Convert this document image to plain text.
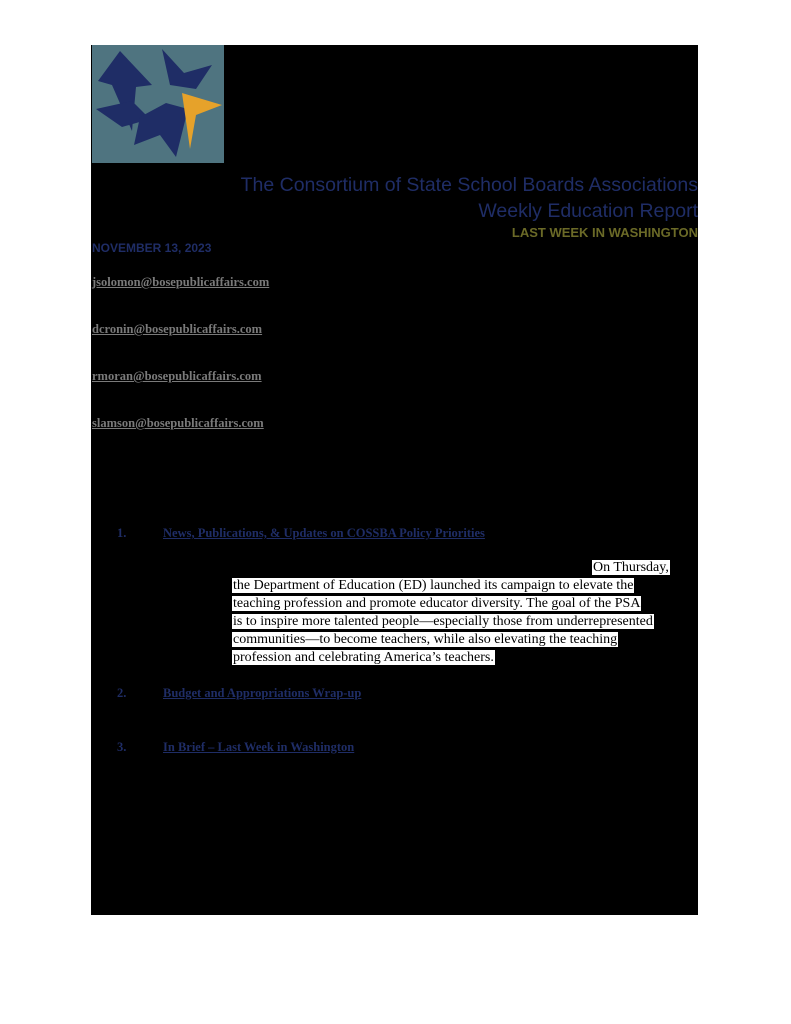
The Consortium of State School Boards Associations
Weekly Education Report
LAST WEEK IN WASHINGTON
NOVEMBER 13, 2023
jsolomon@bosepublicaffairs.com
dcronin@bosepublicaffairs.com
rmoran@bosepublicaffairs.com
slamson@bosepublicaffairs.com
1.	News, Publications, & Updates on COSSBA Policy Priorities
On Thursday,
the Department of Education (ED) launched its campaign to elevate the
teaching profession and promote educator diversity. The goal of the PSA
is to inspire more talented people—especially those from underrepresented
communities—to become teachers, while also elevating the teaching
profession and celebrating America’s teachers.
2.	Budget and Appropriations Wrap-up
3.	In Brief – Last Week in Washington
